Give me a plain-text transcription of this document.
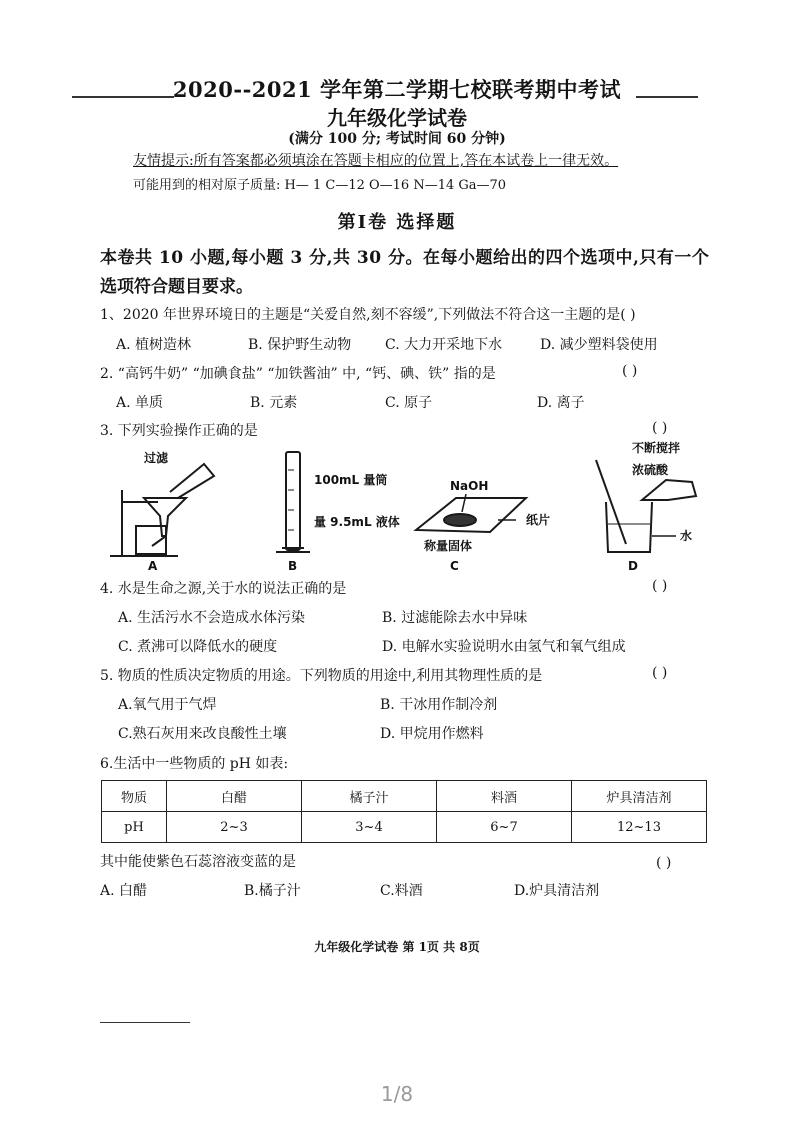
2020--2021 学年第二学期七校联考期中考试
九年级化学试卷
(满分 100 分; 考试时间 60 分钟)
友情提示:所有答案都必须填涂在答题卡相应的位置上,答在本试卷上一律无效。
可能用到的相对原子质量: H— 1 C—12 O—16 N—14 Ga—70
第Ⅰ卷 选择题
本卷共 10 小题,每小题 3 分,共 30 分。在每小题给出的四个选项中,只有一个
选项符合题目要求。
1、2020 年世界环境日的主题是“关爱自然,刻不容缓”,下列做法不符合这一主题的是( )
A. 植树造林	B. 保护野生动物 C. 大力开采地下水	D. 减少塑料袋使用
2. “高钙牛奶” “加碘食盐” “加铁酱油” 中, “钙、碘、铁” 指的是	( )
A. 单质	B. 元素	C. 原子	D. 离子
3. 下列实验操作正确的是	( )
过滤
A
100mL 量筒
量 9.5mL 液体
B
NaOH
纸片
称量固体
C
不断搅拌
浓硫酸
水
D
4. 水是生命之源,关于水的说法正确的是	( )
A. 生活污水不会造成水体污染	B. 过滤能除去水中异味
C. 煮沸可以降低水的硬度	D. 电解水实验说明水由氢气和氧气组成
5. 物质的性质决定物质的用途。下列物质的用途中,利用其物理性质的是	( )
A.氧气用于气焊	B. 干冰用作制冷剂
C.熟石灰用来改良酸性土壤	D. 甲烷用作燃料
6.生活中一些物质的 pH 如表:
物质	白醋	橘子汁	料酒	炉具清洁剂
pH	2~3	3~4	6~7	12~13
其中能使紫色石蕊溶液变蓝的是	( )
A. 白醋	B.橘子汁	C.料酒	D.炉具清洁剂
九年级化学试卷 第 1页 共 8页
1/8
